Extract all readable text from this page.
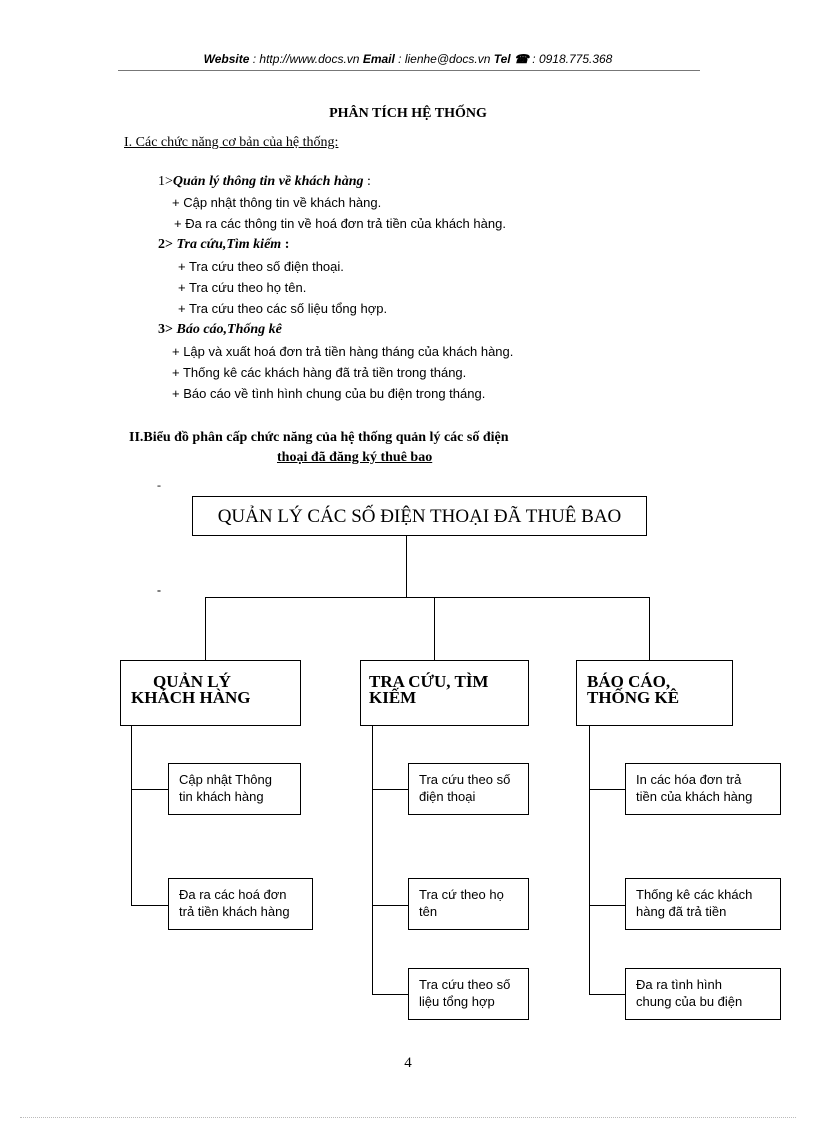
Website : http://www.docs.vn Email : lienhe@docs.vn Tel ☎ : 0918.775.368
PHÂN TÍCH HỆ THỐNG
I. Các chức năng cơ bản của hệ thống:
1>Quản lý thông tin về khách hàng :
+ Cập nhật thông tin về khách hàng.
+ Đa ra các thông tin về hoá đơn trả tiền của khách hàng.
2> Tra cứu,Tìm kiếm :
+ Tra cứu theo số điện thoại.
+ Tra cứu theo họ tên.
+ Tra cứu theo các số liệu tổng hợp.
3> Báo cáo,Thống kê
+ Lập và xuất hoá đơn trả tiền hàng tháng của khách hàng.
+ Thống kê các khách hàng đã trả tiền trong tháng.
+ Báo cáo về tình hình chung của bu điện trong tháng.
II.Biểu đồ phân cấp chức năng của hệ thống quản lý các số điện
thoại đã đăng ký thuê bao
-
-
QUẢN LÝ CÁC SỐ ĐIỆN THOẠI ĐÃ THUÊ BAO
QUẢN LÝ
KHÁCH HÀNG
TRA CỨU, TÌM
KIẾM
BÁO CÁO,
THỐNG KÊ
Cập nhật Thông
tin khách hàng
Đa ra các hoá đơn
trả tiền khách hàng
Tra cứu theo số
điện thoại
Tra cứ theo họ
tên
Tra cứu theo số
liệu tổng hợp
In các hóa đơn trả
tiền của khách hàng
Thống kê các khách
hàng đã trả tiền
Đa ra tình hình
chung của bu điện
4
